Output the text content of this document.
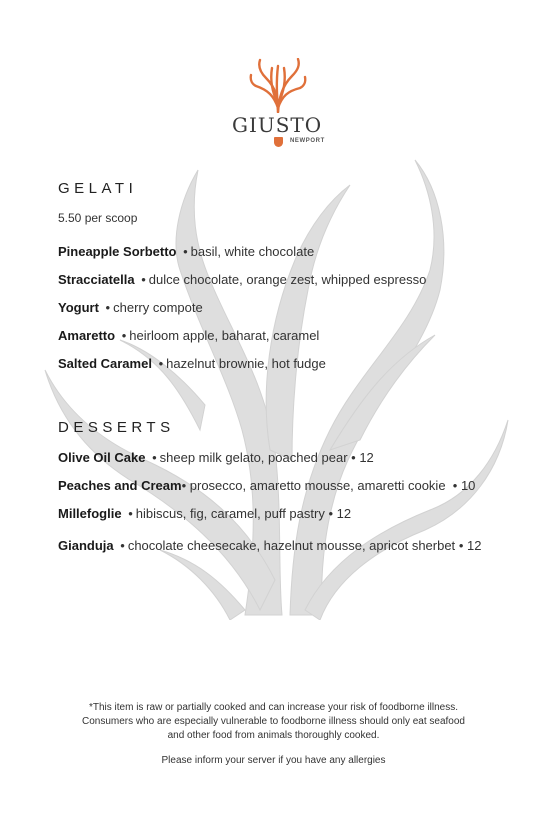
GIUSTO
NEWPORT
GELATI
5.50 per scoop
Pineapple Sorbetto • basil, white chocolate
Stracciatella • dulce chocolate, orange zest, whipped espresso
Yogurt • cherry compote
Amaretto • heirloom apple, baharat, caramel
Salted Caramel • hazelnut brownie, hot fudge
DESSERTS
Olive Oil Cake • sheep milk gelato, poached pear • 12
Peaches and Cream• prosecco, amaretto mousse, amaretti cookie  • 10
Millefoglie • hibiscus, fig, caramel, puff pastry • 12
Gianduja • chocolate cheesecake, hazelnut mousse, apricot sherbet • 12
*This item is raw or partially cooked and can increase your risk of foodborne illness.
Consumers who are especially vulnerable to foodborne illness should only eat seafood
and other food from animals thoroughly cooked.
Please inform your server if you have any allergies
